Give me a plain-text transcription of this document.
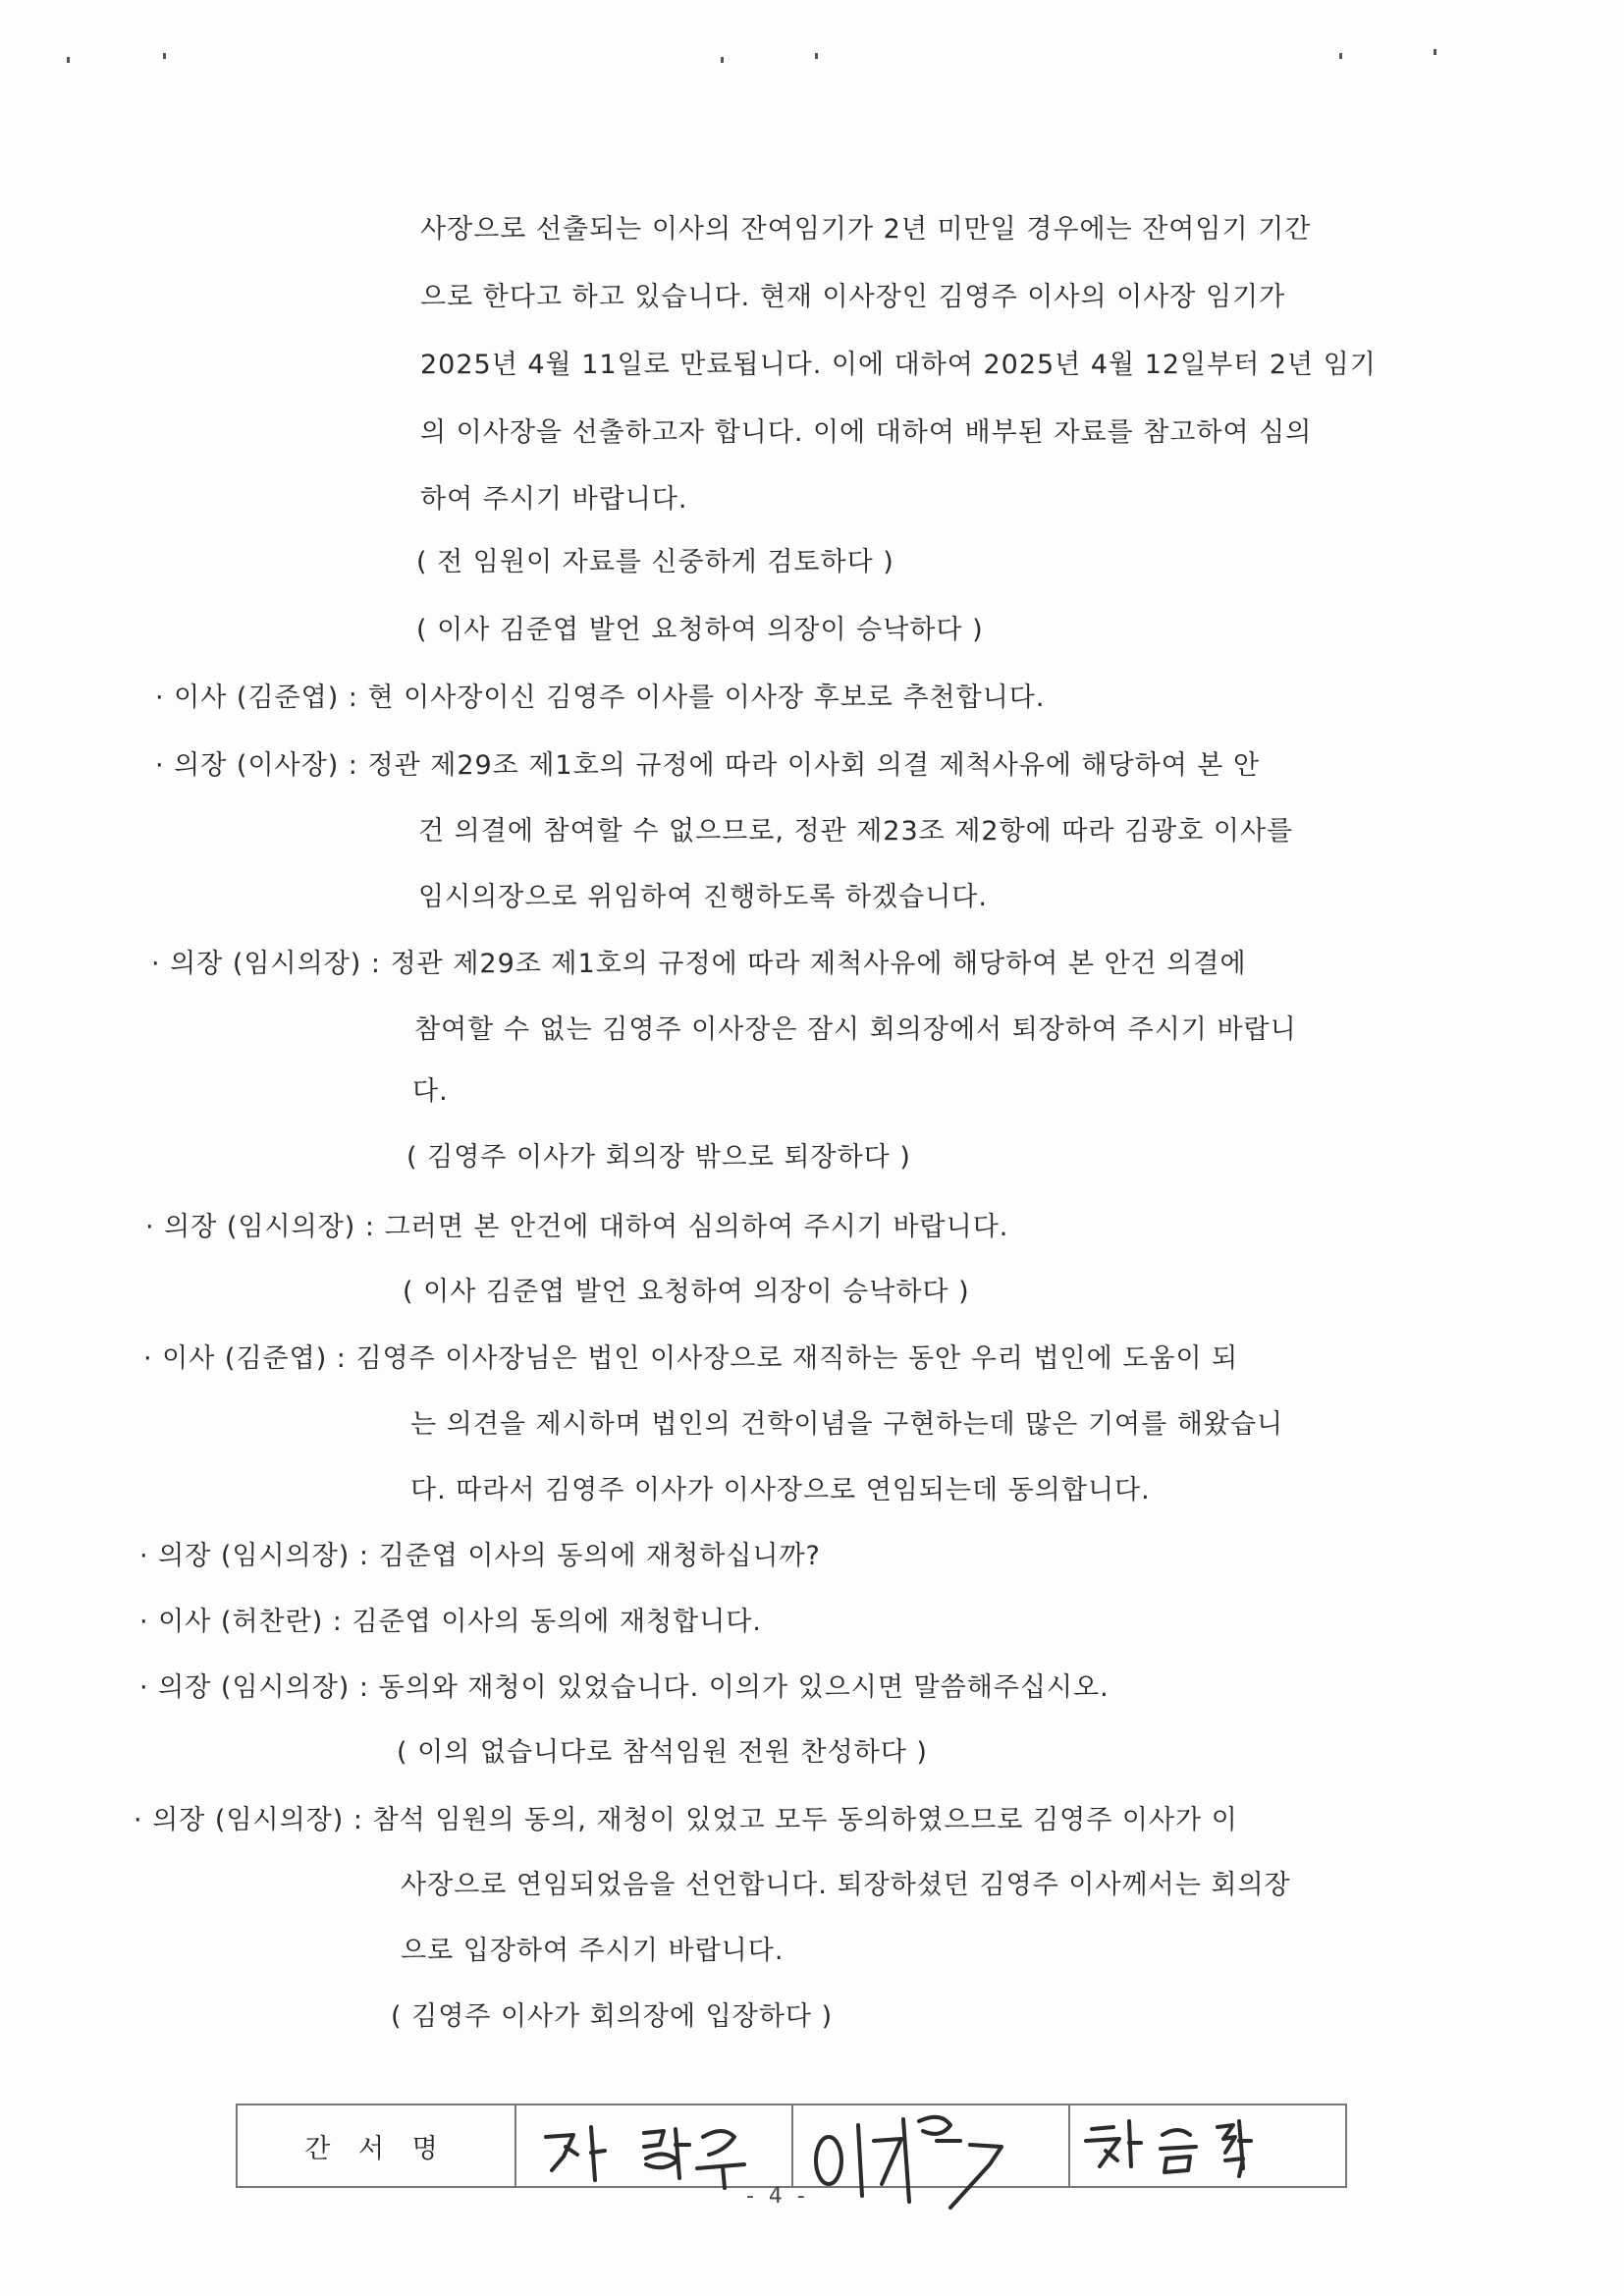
사장으로 선출되는 이사의 잔여임기가 2년 미만일 경우에는 잔여임기 기간
으로 한다고 하고 있습니다. 현재 이사장인 김영주 이사의 이사장 임기가
2025년 4월 11일로 만료됩니다. 이에 대하여 2025년 4월 12일부터 2년 임기
의 이사장을 선출하고자 합니다. 이에 대하여 배부된 자료를 참고하여 심의
하여 주시기 바랍니다.
( 전 임원이 자료를 신중하게 검토하다 )
( 이사 김준엽 발언 요청하여 의장이 승낙하다 )
· 이사 (김준엽) : 현 이사장이신 김영주 이사를 이사장 후보로 추천합니다.
· 의장 (이사장) : 정관 제29조 제1호의 규정에 따라 이사회 의결 제척사유에 해당하여 본 안
건 의결에 참여할 수 없으므로, 정관 제23조 제2항에 따라 김광호 이사를
임시의장으로 위임하여 진행하도록 하겠습니다.
· 의장 (임시의장) : 정관 제29조 제1호의 규정에 따라 제척사유에 해당하여 본 안건 의결에
참여할 수 없는 김영주 이사장은 잠시 회의장에서 퇴장하여 주시기 바랍니
다.
( 김영주 이사가 회의장 밖으로 퇴장하다 )
· 의장 (임시의장) : 그러면 본 안건에 대하여 심의하여 주시기 바랍니다.
( 이사 김준엽 발언 요청하여 의장이 승낙하다 )
· 이사 (김준엽) : 김영주 이사장님은 법인 이사장으로 재직하는 동안 우리 법인에 도움이 되
는 의견을 제시하며 법인의 건학이념을 구현하는데 많은 기여를 해왔습니
다. 따라서 김영주 이사가 이사장으로 연임되는데 동의합니다.
· 의장 (임시의장) : 김준엽 이사의 동의에 재청하십니까?
· 이사 (허찬란) : 김준엽 이사의 동의에 재청합니다.
· 의장 (임시의장) : 동의와 재청이 있었습니다. 이의가 있으시면 말씀해주십시오.
( 이의 없습니다로 참석임원 전원 찬성하다 )
· 의장 (임시의장) : 참석 임원의 동의, 재청이 있었고 모두 동의하였으므로 김영주 이사가 이
사장으로 연임되었음을 선언합니다. 퇴장하셨던 김영주 이사께서는 회의장
으로 입장하여 주시기 바랍니다.
( 김영주 이사가 회의장에 입장하다 )
간 서 명
- 4 -
